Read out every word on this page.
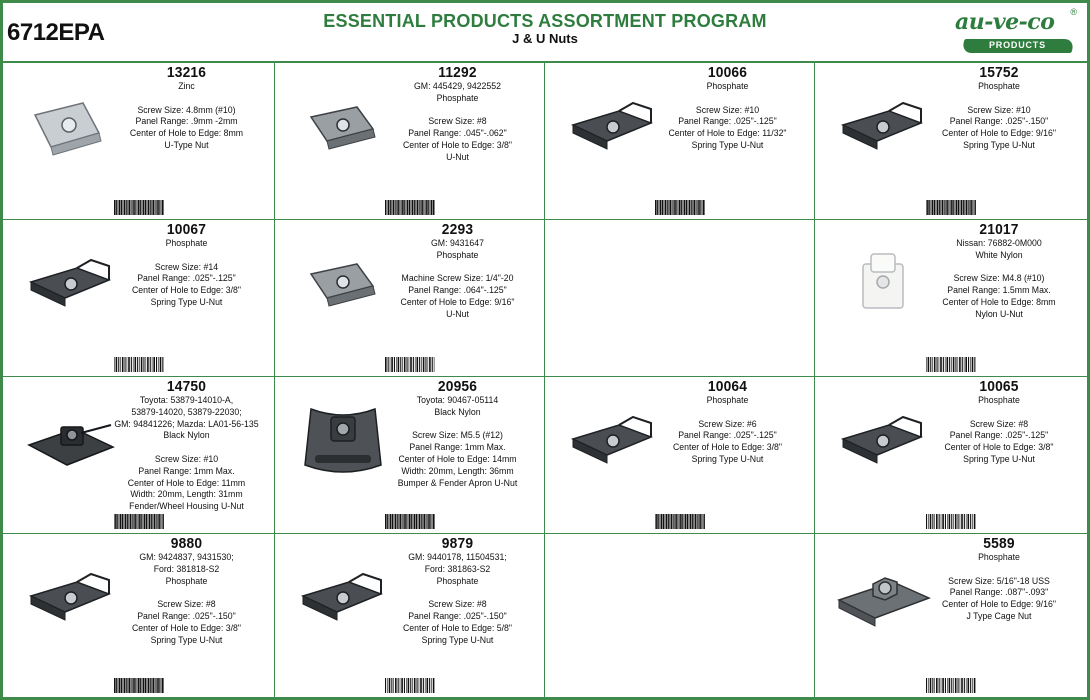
6712EPA	ESSENTIAL PRODUCTS ASSORTMENT PROGRAM
J & U Nuts
au-ve-co
PRODUCTS
®
13216
Zinc
Screw Size: 4.8mm (#10)
Panel Range: .9mm -2mm
Center of Hole to Edge: 8mm
U-Type Nut
11292
GM: 445429, 9422552
Phosphate
Screw Size: #8
Panel Range: .045"-.062"
Center of Hole to Edge: 3/8"
U-Nut
10066
Phosphate
Screw Size: #10
Panel Range: .025"-.125"
Center of Hole to Edge: 11/32"
Spring Type U-Nut
15752
Phosphate
Screw Size: #10
Panel Range: .025"-.150"
Center of Hole to Edge: 9/16"
Spring Type U-Nut
10067
Phosphate
Screw Size: #14
Panel Range: .025"-.125"
Center of Hole to Edge: 3/8"
Spring Type U-Nut
2293
GM: 9431647
Phosphate
Machine Screw Size: 1/4"-20
Panel Range: .064"-.125"
Center of Hole to Edge: 9/16"
U-Nut
21017
Nissan: 76882-0M000
White Nylon
Screw Size: M4.8 (#10)
Panel Range: 1.5mm Max.
Center of Hole to Edge: 8mm
Nylon U-Nut
14750
Toyota: 53879-14010-A,
53879-14020, 53879-22030;
GM: 94841226; Mazda: LA01-56-135
Black Nylon
Screw Size: #10
Panel Range: 1mm Max.
Center of Hole to Edge: 11mm
Width: 20mm, Length: 31mm
Fender/Wheel Housing U-Nut
20956
Toyota: 90467-05114
Black Nylon
Screw Size: M5.5 (#12)
Panel Range: 1mm Max.
Center of Hole to Edge: 14mm
Width: 20mm, Length: 36mm
Bumper & Fender Apron U-Nut
10064
Phosphate
Screw Size: #6
Panel Range: .025"-.125"
Center of Hole to Edge: 3/8"
Spring Type U-Nut
10065
Phosphate
Screw Size: #8
Panel Range: .025"-.125"
Center of Hole to Edge: 3/8"
Spring Type U-Nut
9880
GM: 9424837, 9431530;
Ford: 381818-S2
Phosphate
Screw Size: #8
Panel Range: .025"-.150"
Center of Hole to Edge: 3/8"
Spring Type U-Nut
9879
GM: 9440178, 11504531;
Ford: 381863-S2
Phosphate
Screw Size: #8
Panel Range: .025"-.150"
Center of Hole to Edge: 5/8"
Spring Type U-Nut
5589
Phosphate
Screw Size: 5/16"-18 USS
Panel Range: .087"-.093"
Center of Hole to Edge: 9/16"
J Type Cage Nut
